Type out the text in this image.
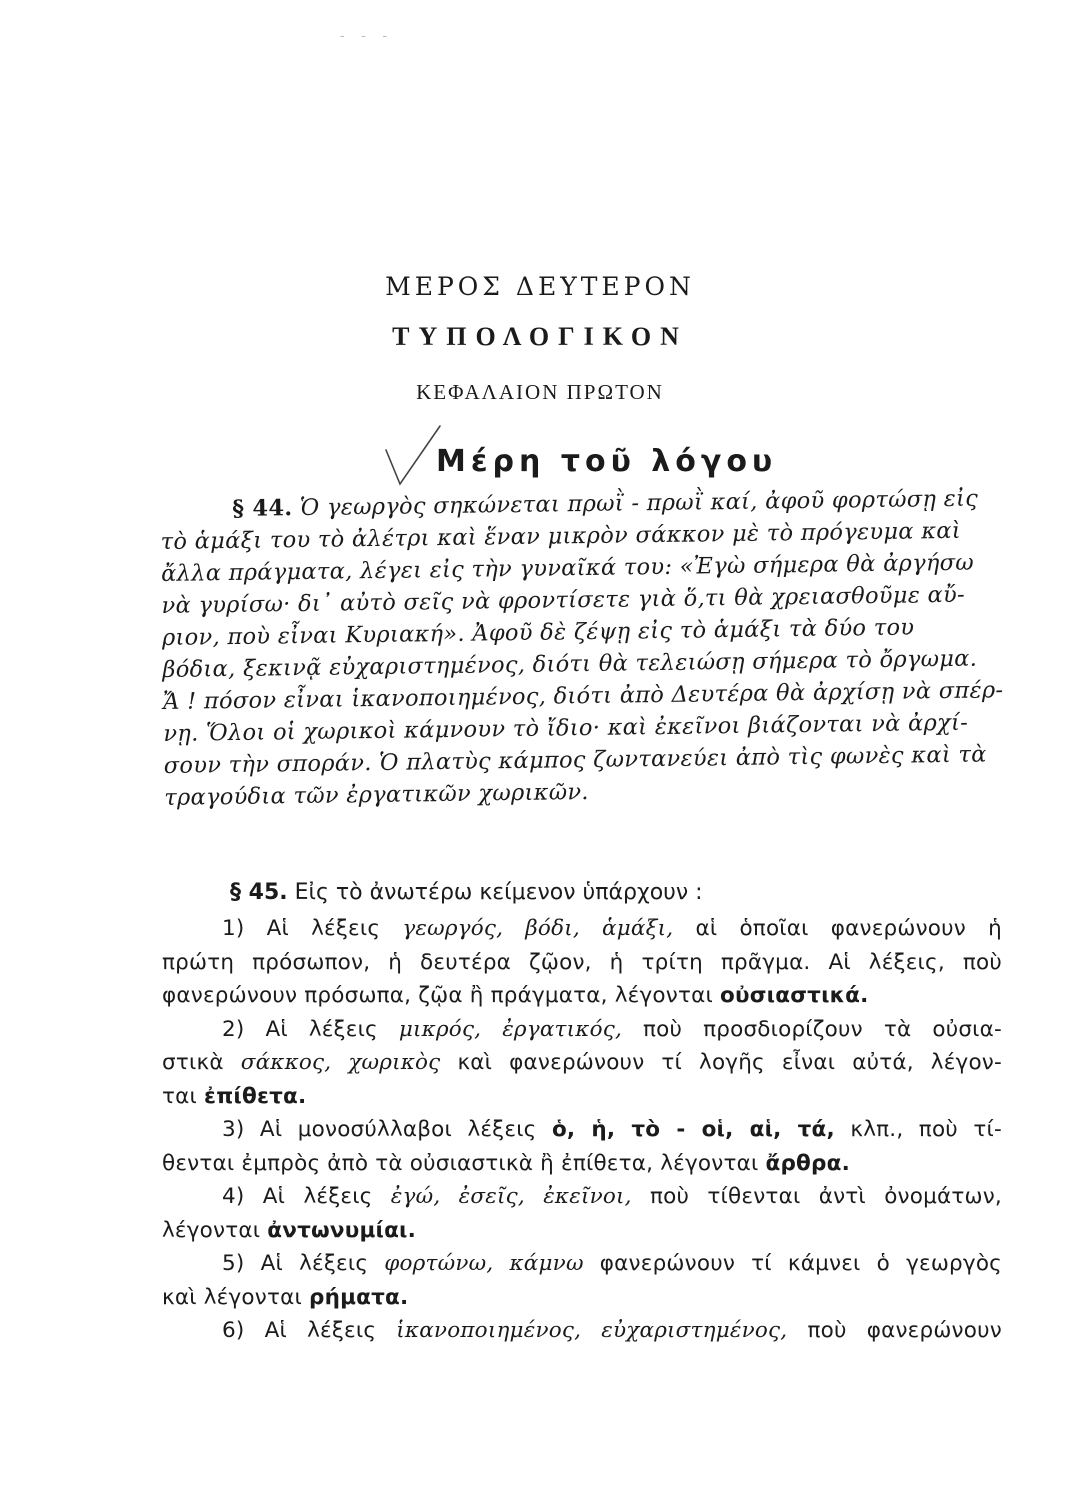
- - -
ΜΕΡΟΣ ΔΕΥΤΕΡΟΝ
ΤΥΠΟΛΟΓΙΚΟΝ
ΚΕΦΑΛΑΙΟΝ ΠΡΩΤΟΝ
Μέρη τοῦ λόγου
§ 44. Ὁ γεωργὸς σηκώνεται πρωῒ - πρωῒ καί, ἀφοῦ φορτώσῃ εἰς
τὸ ἁμάξι του τὸ ἀλέτρι καὶ ἕναν μικρὸν σάκκον μὲ τὸ πρόγευμα καὶ
ἄλλα πράγματα, λέγει εἰς τὴν γυναῖκά του: «Ἐγὼ σήμερα θὰ ἀργήσω
νὰ γυρίσω· δι᾽ αὐτὸ σεῖς νὰ φροντίσετε γιὰ ὅ,τι θὰ χρειασθοῦμε αὔ-
ριον, ποὺ εἶναι Κυριακή». Ἀφοῦ δὲ ζέψῃ εἰς τὸ ἁμάξι τὰ δύο του
βόδια, ξεκινᾷ εὐχαριστημένος, διότι θὰ τελειώσῃ σήμερα τὸ ὄργωμα.
Ἄ ! πόσον εἶναι ἱκανοποιημένος, διότι ἀπὸ Δευτέρα θὰ ἀρχίσῃ νὰ σπέρ-
νῃ. Ὅλοι οἱ χωρικοὶ κάμνουν τὸ ἴδιο· καὶ ἐκεῖνοι βιάζονται νὰ ἀρχί-
σουν τὴν σποράν. Ὁ πλατὺς κάμπος ζωντανεύει ἀπὸ τὶς φωνὲς καὶ τὰ
τραγούδια τῶν ἐργατικῶν χωρικῶν.
§ 45. Εἰς τὸ ἀνωτέρω κείμενον ὑπάρχουν :
1) Αἱ λέξεις γεωργός, βόδι, ἁμάξι, αἱ ὁποῖαι φανερώνουν ἡ
πρώτη πρόσωπον, ἡ δευτέρα ζῷον, ἡ τρίτη πρᾶγμα. Αἱ λέξεις, ποὺ
φανερώνουν πρόσωπα, ζῷα ἢ πράγματα, λέγονται οὐσιαστικά.
2) Αἱ λέξεις μικρός, ἐργατικός, ποὺ προσδιορίζουν τὰ οὐσια-
στικὰ σάκκος, χωρικὸς καὶ φανερώνουν τί λογῆς εἶναι αὐτά, λέγον-
ται ἐπίθετα.
3) Αἱ μονοσύλλαβοι λέξεις ὁ, ἡ, τὸ - οἱ, αἱ, τά, κλπ., ποὺ τί-
θενται ἐμπρὸς ἀπὸ τὰ οὐσιαστικὰ ἢ ἐπίθετα, λέγονται ἄρθρα.
4) Αἱ λέξεις ἐγώ, ἐσεῖς, ἐκεῖνοι, ποὺ τίθενται ἀντὶ ὀνομάτων,
λέγονται ἀντωνυμίαι.
5) Αἱ λέξεις φορτώνω, κάμνω φανερώνουν τί κάμνει ὁ γεωργὸς
καὶ λέγονται ρήματα.
6) Αἱ λέξεις ἱκανοποιημένος, εὐχαριστημένος, ποὺ φανερώνουν
